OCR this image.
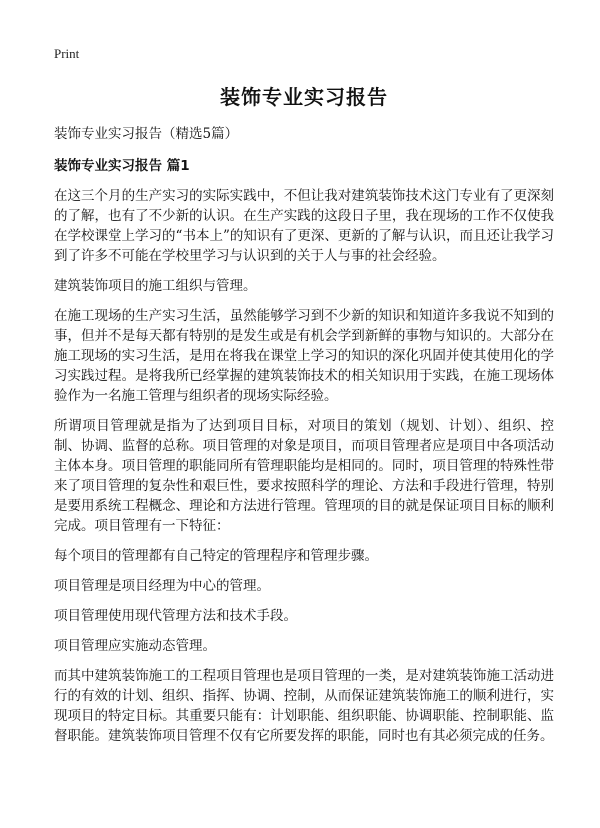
Print
装饰专业实习报告

装饰专业实习报告（精选5篇）

装饰专业实习报告 篇1

在这三个月的生产实习的实际实践中，不但让我对建筑装饰技术这门专业有了更深刻的了解，也有了不少新的认识。在生产实践的这段日子里，我在现场的工作不仅使我在学校课堂上学习的“书本上”的知识有了更深、更新的了解与认识，而且还让我学习到了许多不可能在学校里学习与认识到的关于人与事的社会经验。

建筑装饰项目的施工组织与管理。

在施工现场的生产实习生活，虽然能够学习到不少新的知识和知道许多我说不知到的事，但并不是每天都有特别的是发生或是有机会学到新鲜的事物与知识的。大部分在施工现场的实习生活，是用在将我在课堂上学习的知识的深化巩固并使其使用化的学习实践过程。是将我所已经掌握的建筑装饰技术的相关知识用于实践，在施工现场体验作为一名施工管理与组织者的现场实际经验。

所谓项目管理就是指为了达到项目目标，对项目的策划（规划、计划）、组织、控制、协调、监督的总称。项目管理的对象是项目，而项目管理者应是项目中各项活动主体本身。项目管理的职能同所有管理职能均是相同的。同时，项目管理的特殊性带来了项目管理的复杂性和艰巨性，要求按照科学的理论、方法和手段进行管理，特别是要用系统工程概念、理论和方法进行管理。管理项的目的就是保证项目目标的顺利完成。项目管理有一下特征：

每个项目的管理都有自己特定的管理程序和管理步骤。

项目管理是项目经理为中心的管理。

项目管理使用现代管理方法和技术手段。

项目管理应实施动态管理。

而其中建筑装饰施工的工程项目管理也是项目管理的一类，是对建筑装饰施工活动进行的有效的计划、组织、指挥、协调、控制，从而保证建筑装饰施工的顺利进行，实现项目的特定目标。其重要只能有：计划职能、组织职能、协调职能、控制职能、监督职能。建筑装饰项目管理不仅有它所要发挥的职能，同时也有其必须完成的任务。
